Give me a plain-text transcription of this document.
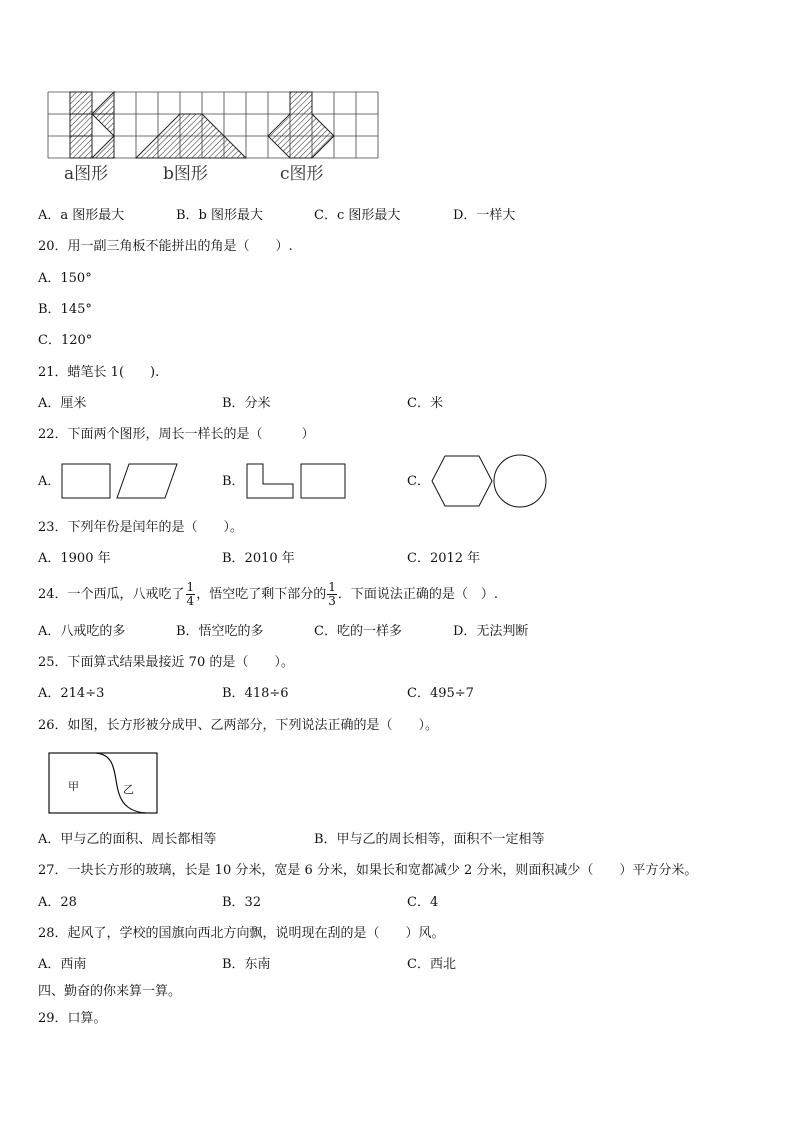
a图形	b图形	c图形
A．a 图形最大	B．b 图形最大	C．c 图形最大	D．一样大
20．用一副三角板不能拼出的角是（　　）.
A．150°
B．145°
C．120°
21．蜡笔长 1(　　).
A．厘米	B．分米	C．米
22．下面两个图形，周长一样长的是（　　　）
A．	B．	C．
23．下列年份是闰年的是（　　）。
A．1900 年	B．2010 年	C．2012 年
24．一个西瓜，八戒吃了 $\frac{1}{4}$ ，悟空吃了剩下部分的 $\frac{1}{3}$ ．下面说法正确的是（　）.
A．八戒吃的多	B．悟空吃的多	C．吃的一样多	D．无法判断
25．下面算式结果最接近 70 的是（　　）。
A．214÷3	B．418÷6	C．495÷7
26．如图，长方形被分成甲、乙两部分，下列说法正确的是（　　）。
甲	乙
A．甲与乙的面积、周长都相等	B．甲与乙的周长相等，面积不一定相等
27．一块长方形的玻璃，长是 10 分米，宽是 6 分米，如果长和宽都减少 2 分米，则面积减少（　　）平方分米。
A．28	B．32	C．4
28．起风了，学校的国旗向西北方向飘，说明现在刮的是（　　）风。
A．西南	B．东南	C．西北
四、勤奋的你来算一算。
29．口算。
